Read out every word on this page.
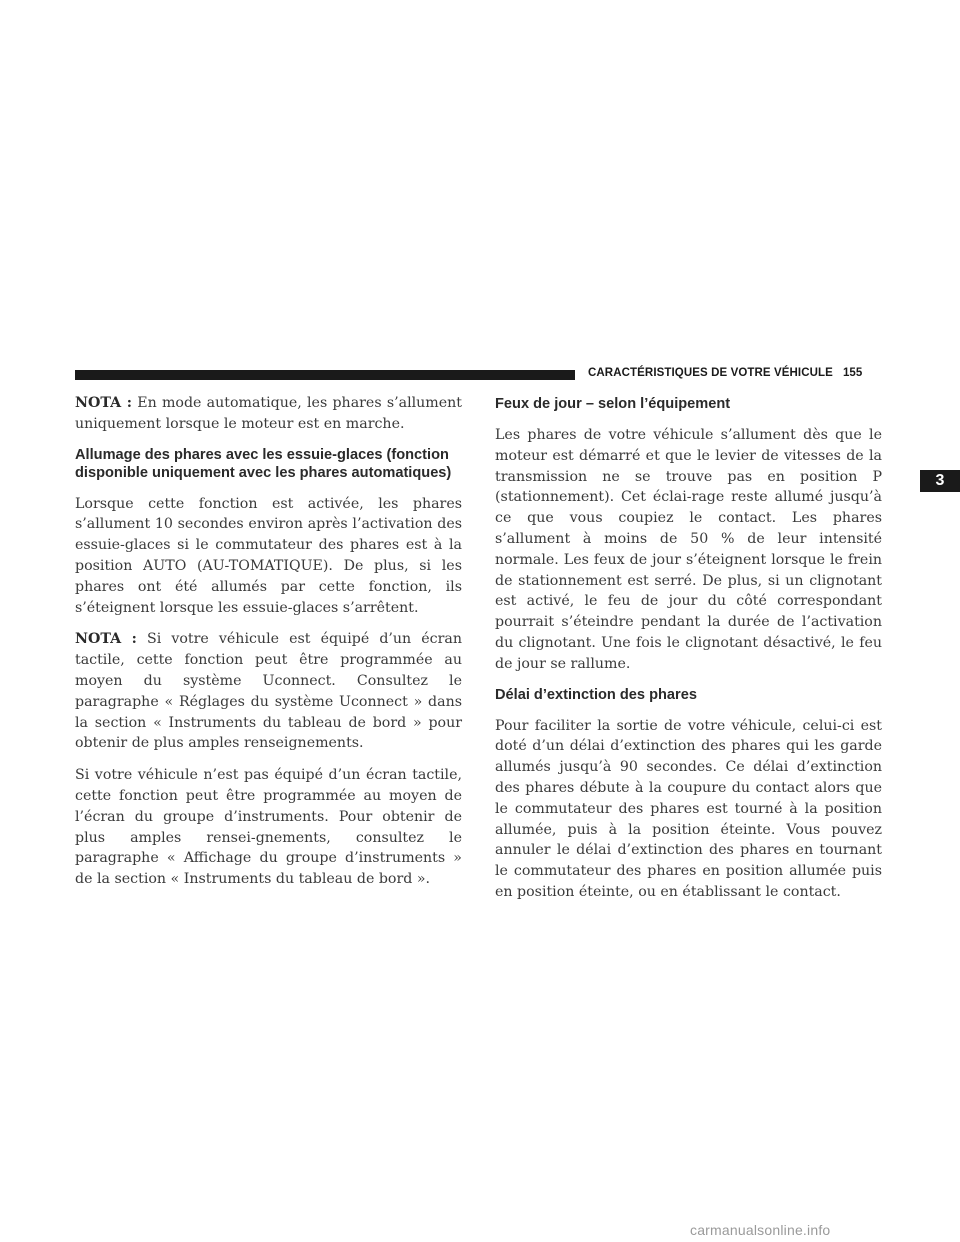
CARACTÉRISTIQUES DE VOTRE VÉHICULE 155
3

NOTA : En mode automatique, les phares s’allument uniquement lorsque le moteur est en marche.

Allumage des phares avec les essuie-glaces (fonction disponible uniquement avec les phares automatiques)

Lorsque cette fonction est activée, les phares s’allument 10 secondes environ après l’activation des essuie-glaces si le commutateur des phares est à la position AUTO (AU-TOMATIQUE). De plus, si les phares ont été allumés par cette fonction, ils s’éteignent lorsque les essuie-glaces s’arrêtent.

NOTA : Si votre véhicule est équipé d’un écran tactile, cette fonction peut être programmée au moyen du système Uconnect. Consultez le paragraphe « Réglages du système Uconnect » dans la section « Instruments du tableau de bord » pour obtenir de plus amples renseignements.

Si votre véhicule n’est pas équipé d’un écran tactile, cette fonction peut être programmée au moyen de l’écran du groupe d’instruments. Pour obtenir de plus amples rensei-gnements, consultez le paragraphe « Affichage du groupe d’instruments » de la section « Instruments du tableau de bord ».

Feux de jour – selon l’équipement

Les phares de votre véhicule s’allument dès que le moteur est démarré et que le levier de vitesses de la transmission ne se trouve pas en position P (stationnement). Cet éclai-rage reste allumé jusqu’à ce que vous coupiez le contact. Les phares s’allument à moins de 50 % de leur intensité normale. Les feux de jour s’éteignent lorsque le frein de stationnement est serré. De plus, si un clignotant est activé, le feu de jour du côté correspondant pourrait s’éteindre pendant la durée de l’activation du clignotant. Une fois le clignotant désactivé, le feu de jour se rallume.

Délai d’extinction des phares

Pour faciliter la sortie de votre véhicule, celui-ci est doté d’un délai d’extinction des phares qui les garde allumés jusqu’à 90 secondes. Ce délai d’extinction des phares débute à la coupure du contact alors que le commutateur des phares est tourné à la position allumée, puis à la position éteinte. Vous pouvez annuler le délai d’extinction des phares en tournant le commutateur des phares en position allumée puis en position éteinte, ou en établissant le contact.

carmanualsonline.info
